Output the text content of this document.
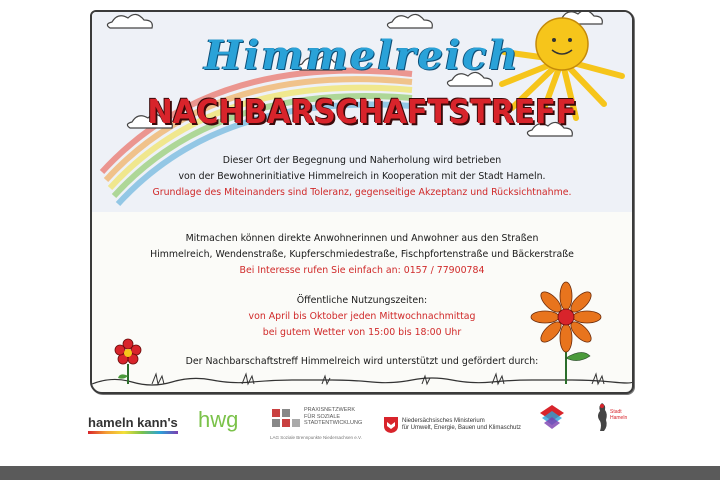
Himmelreich
NACHBARSCHAFTSTREFF
Dieser Ort der Begegnung und Naherholung wird betrieben
von der Bewohnerinitiative Himmelreich in Kooperation mit der Stadt Hameln.
Grundlage des Miteinanders sind Toleranz, gegenseitige Akzeptanz und Rücksichtnahme.
Mitmachen können direkte Anwohnerinnen und Anwohner aus den Straßen
Himmelreich, Wendenstraße, Kupferschmiedestraße, Fischpfortenstraße und Bäckerstraße
Bei Interesse rufen Sie einfach an: 0157 / 77900784
Öffentliche Nutzungszeiten:
von April bis Oktober jeden Mittwochnachmittag
bei gutem Wetter von 15:00 bis 18:00 Uhr
Der Nachbarschaftstreff Himmelreich wird unterstützt und gefördert durch:
hameln kann's hwg	PRAXISNETZWERK
FÜR SOZIALE
STADTENTWICKLUNG
LAG Soziale Brennpunkte Niedersachsen e.V.
Niedersächsisches Ministerium
für Umwelt, Energie, Bauen und Klimaschutz
Stadt Hameln
